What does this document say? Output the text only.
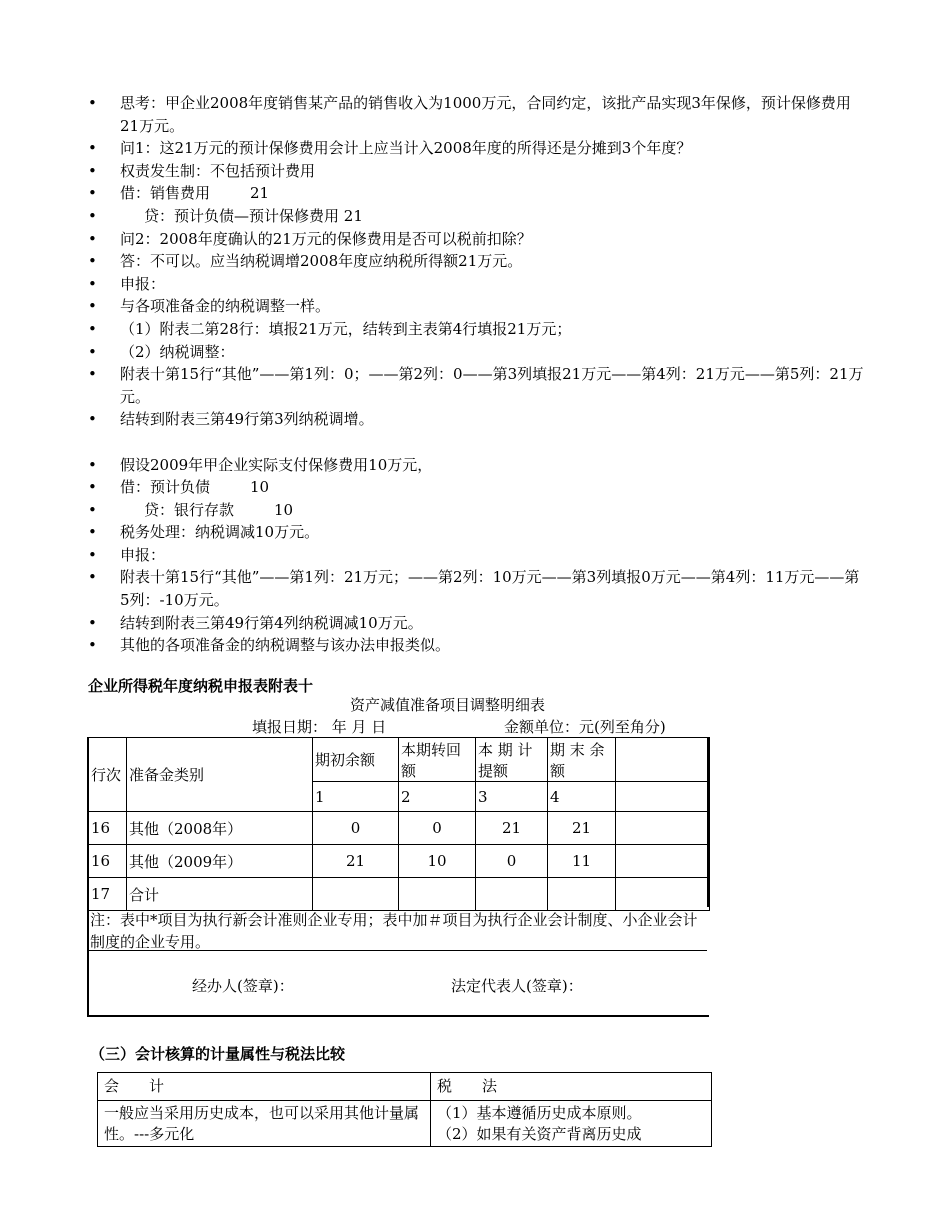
• 思考：甲企业2008年度销售某产品的销售收入为1000万元，合同约定，该批产品实现3年保修，预计保修费用21万元。
• 问1：这21万元的预计保修费用会计上应当计入2008年度的所得还是分摊到3个年度？
• 权责发生制：不包括预计费用
• 借：销售费用	21
•	贷：预计负债—预计保修费用 21
• 问2：2008年度确认的21万元的保修费用是否可以税前扣除？
• 答：不可以。应当纳税调增2008年度应纳税所得额21万元。
• 申报：
• 与各项准备金的纳税调整一样。
• （1）附表二第28行：填报21万元，结转到主表第4行填报21万元；
• （2）纳税调整：
• 附表十第15行“其他”——第1列：0；——第2列：0——第3列填报21万元——第4列：21万元——第5列：21万元。
• 结转到附表三第49行第3列纳税调增。
• 假设2009年甲企业实际支付保修费用10万元，
• 借：预计负债	10
•	贷：银行存款	10
• 税务处理：纳税调减10万元。
• 申报：
• 附表十第15行“其他”——第1列：21万元；——第2列：10万元——第3列填报0万元——第4列：11万元——第5列：-10万元。
• 结转到附表三第49行第4列纳税调减10万元。
• 其他的各项准备金的纳税调整与该办法申报类似。
企业所得税年度纳税申报表附表十
资产减值准备项目调整明细表
填报日期： 年 月 日	金额单位：元(列至角分)
行次	准备金类别	期初余额	本期转回额	本 期 计提额	期 末 余额	
		1	2	3	4	
16	其他（2008年）	0	0	21	21	
16	其他（2009年）	21	10	0	11	
17	合计					
注：表中*项目为执行新会计准则企业专用；表中加＃项目为执行企业会计制度、小企业会计制度的企业专用。
经办人(签章)：	法定代表人(签章)：
（三）会计核算的计量属性与税法比较
会　　计	税　　法
一般应当采用历史成本，也可以采用其他计量属性。---多元化	（1）基本遵循历史成本原则。
（2）如果有关资产背离历史成
